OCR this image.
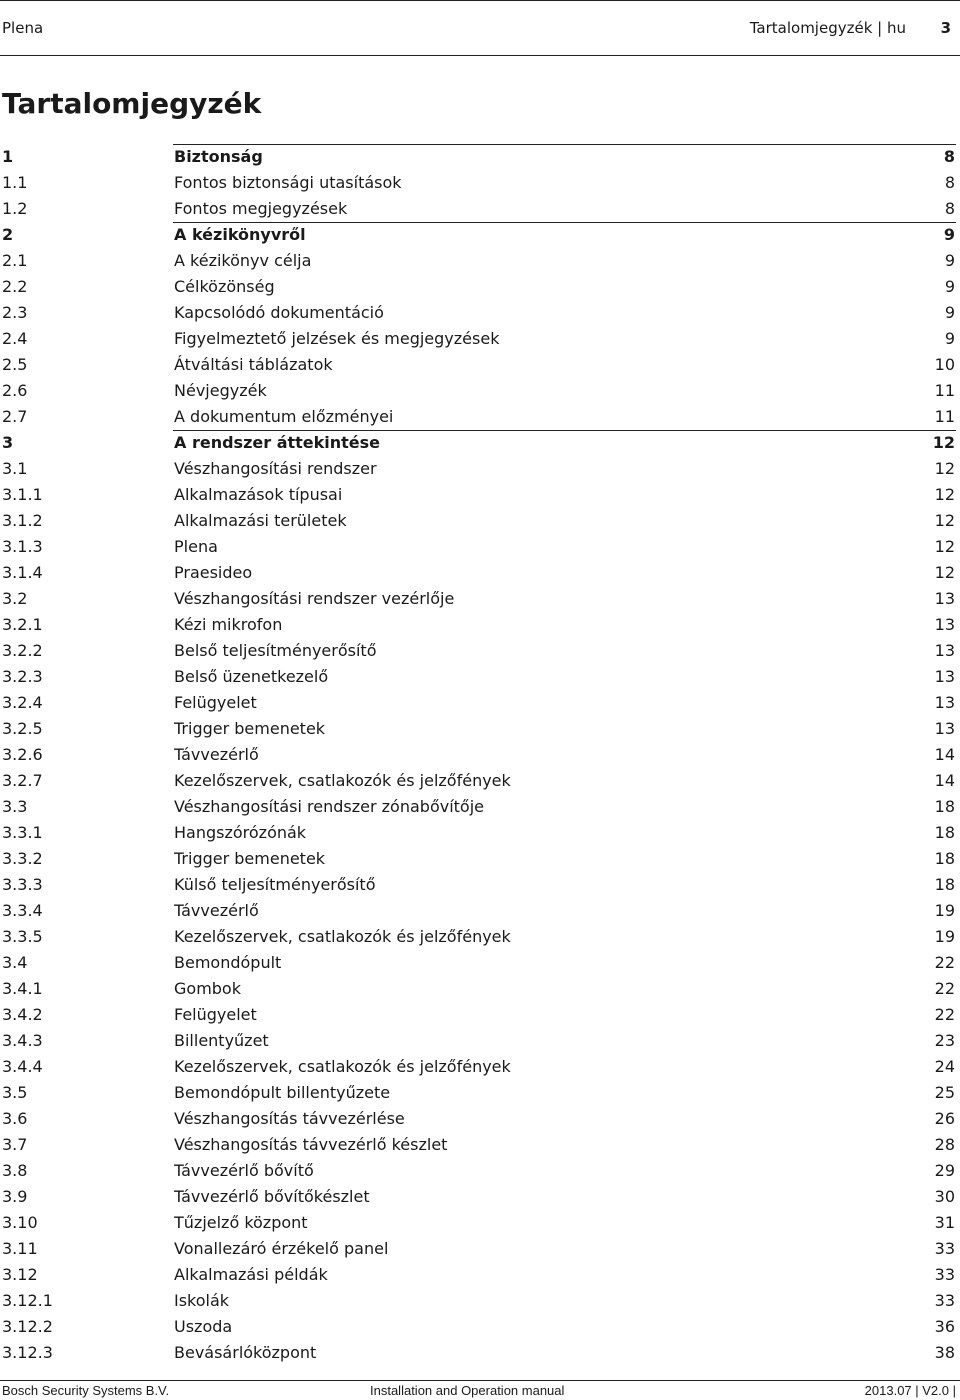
Plena	Tartalomjegyzék | hu 3
Tartalomjegyzék
1	Biztonság	8
1.1	Fontos biztonsági utasítások	8
1.2	Fontos megjegyzések	8
2	A kézikönyvről	9
2.1	A kézikönyv célja	9
2.2	Célközönség	9
2.3	Kapcsolódó dokumentáció	9
2.4	Figyelmeztető jelzések és megjegyzések	9
2.5	Átváltási táblázatok	10
2.6	Névjegyzék	11
2.7	A dokumentum előzményei	11
3	A rendszer áttekintése	12
3.1	Vészhangosítási rendszer	12
3.1.1	Alkalmazások típusai	12
3.1.2	Alkalmazási területek	12
3.1.3	Plena	12
3.1.4	Praesideo	12
3.2	Vészhangosítási rendszer vezérlője	13
3.2.1	Kézi mikrofon	13
3.2.2	Belső teljesítményerősítő	13
3.2.3	Belső üzenetkezelő	13
3.2.4	Felügyelet	13
3.2.5	Trigger bemenetek	13
3.2.6	Távvezérlő	14
3.2.7	Kezelőszervek, csatlakozók és jelzőfények	14
3.3	Vészhangosítási rendszer zónabővítője	18
3.3.1	Hangszórózónák	18
3.3.2	Trigger bemenetek	18
3.3.3	Külső teljesítményerősítő	18
3.3.4	Távvezérlő	19
3.3.5	Kezelőszervek, csatlakozók és jelzőfények	19
3.4	Bemondópult	22
3.4.1	Gombok	22
3.4.2	Felügyelet	22
3.4.3	Billentyűzet	23
3.4.4	Kezelőszervek, csatlakozók és jelzőfények	24
3.5	Bemondópult billentyűzete	25
3.6	Vészhangosítás távvezérlése	26
3.7	Vészhangosítás távvezérlő készlet	28
3.8	Távvezérlő bővítő	29
3.9	Távvezérlő bővítőkészlet	30
3.10	Tűzjelző központ	31
3.11	Vonallezáró érzékelő panel	33
3.12	Alkalmazási példák	33
3.12.1	Iskolák	33
3.12.2	Uszoda	36
3.12.3	Bevásárlóközpont	38
Bosch Security Systems B.V.	Installation and Operation manual	2013.07 | V2.0 |
